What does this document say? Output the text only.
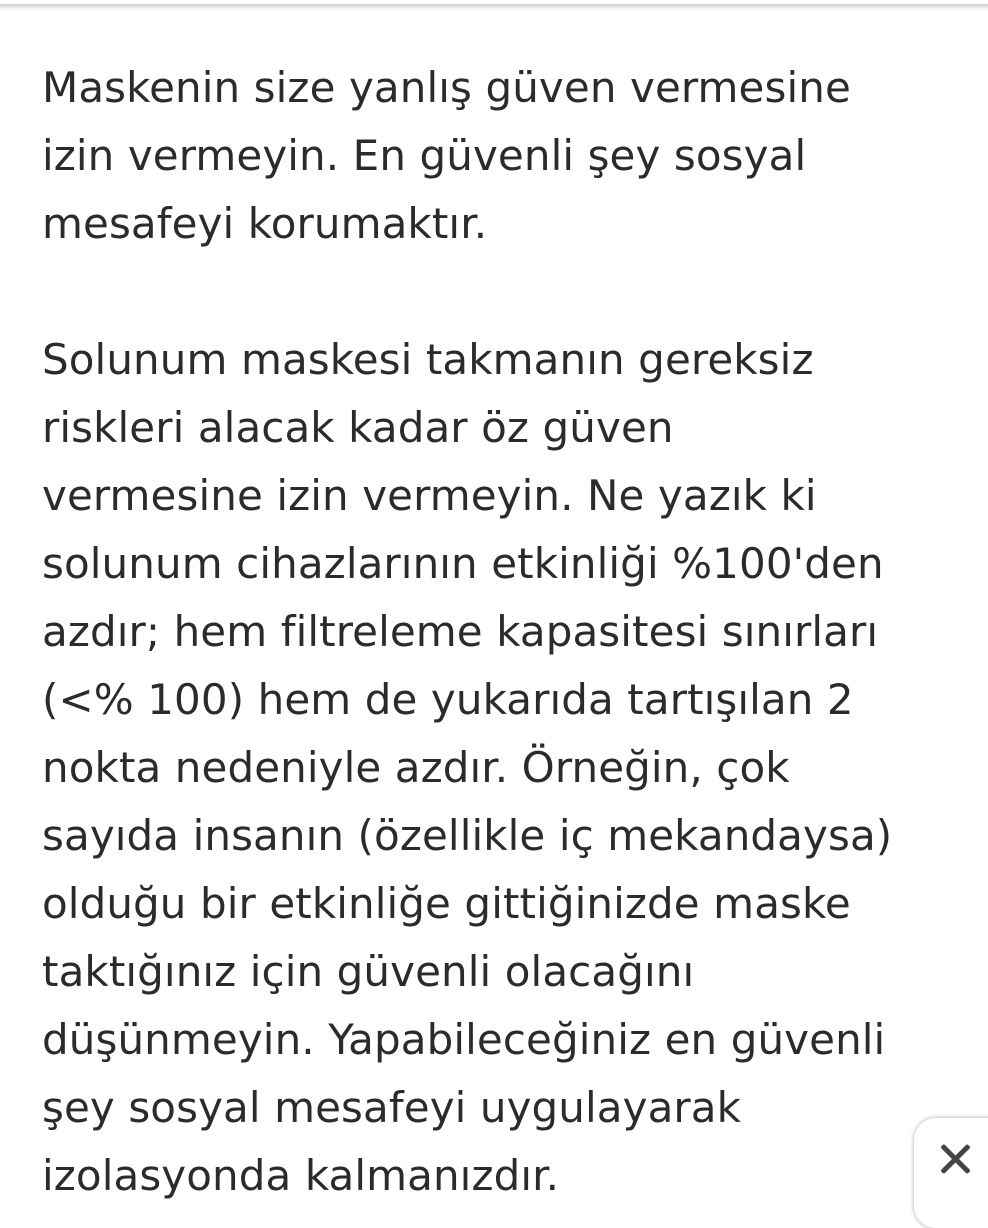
Maskenin size yanlış güven vermesine
izin vermeyin. En güvenli şey sosyal
mesafeyi korumaktır.

Solunum maskesi takmanın gereksiz
riskleri alacak kadar öz güven
vermesine izin vermeyin. Ne yazık ki
solunum cihazlarının etkinliği %100'den
azdır; hem filtreleme kapasitesi sınırları
(<% 100) hem de yukarıda tartışılan 2
nokta nedeniyle azdır. Örneğin, çok
sayıda insanın (özellikle iç mekandaysa)
olduğu bir etkinliğe gittiğinizde maske
taktığınız için güvenli olacağını
düşünmeyin. Yapabileceğiniz en güvenli
şey sosyal mesafeyi uygulayarak
izolasyonda kalmanızdır.
